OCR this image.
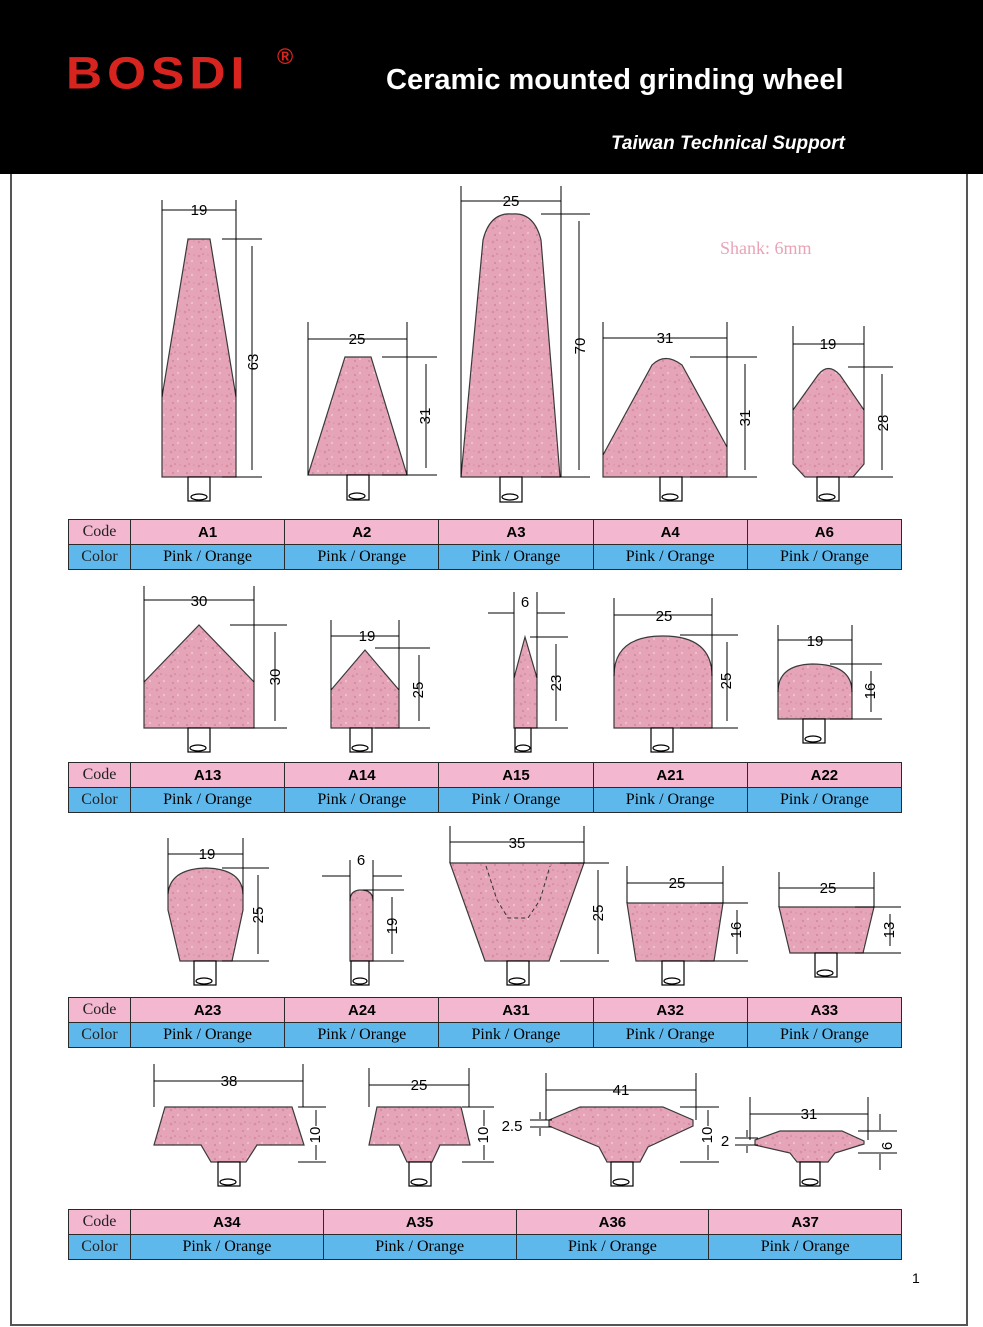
BOSDI ®
Ceramic mounted grinding wheel
Taiwan Technical Support
Shank: 6mm
19
63
25
31
25
70	31
31
19
28
30
30
19
25
6
23
25
25
19
16
19
25
6
19
35
25
25
16
25
13
38
10
25
10
41
2.5	10
31
2	6
Code	A1	A2	A3	A4	A6
Color	Pink / Orange	Pink / Orange	Pink / Orange	Pink / Orange	Pink / Orange
Code	A13	A14	A15	A21	A22
Color	Pink / Orange	Pink / Orange	Pink / Orange	Pink / Orange	Pink / Orange
Code	A23	A24	A31	A32	A33
Color	Pink / Orange	Pink / Orange	Pink / Orange	Pink / Orange	Pink / Orange
Code	A34	A35	A36	A37
Color	Pink / Orange	Pink / Orange	Pink / Orange	Pink / Orange
1
